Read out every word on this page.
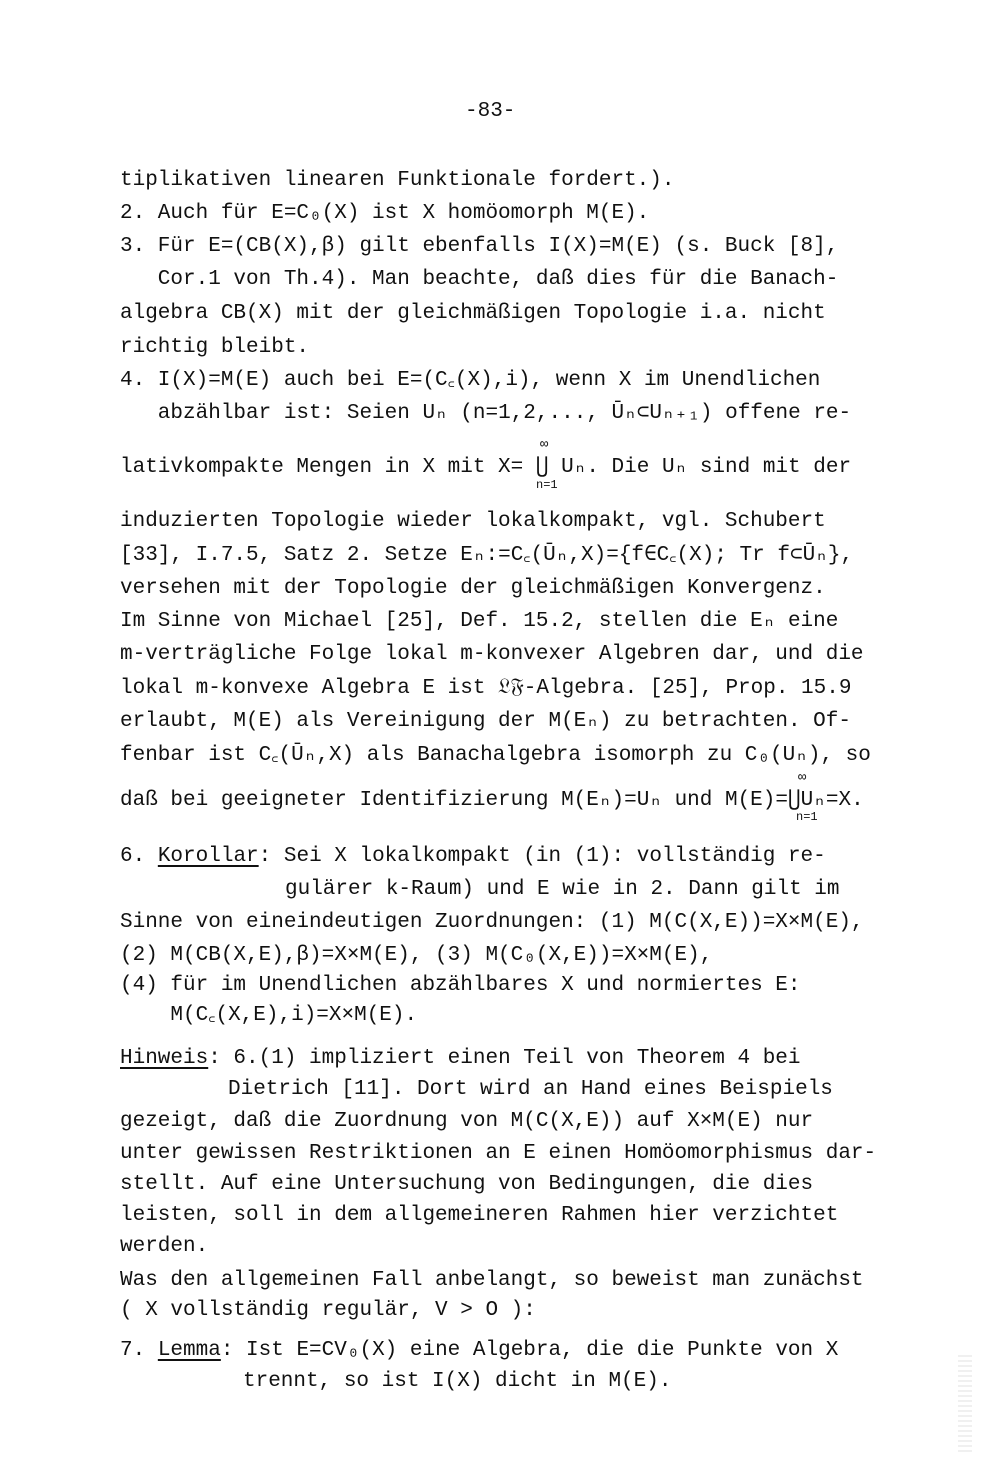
-83-
tiplikativen linearen Funktionale fordert.).
2. Auch für E=C₀(X) ist X homöomorph M(E).
3. Für E=(CB(X),β) gilt ebenfalls I(X)=M(E) (s. Buck [8],
Cor.1 von Th.4). Man beachte, daß dies für die Banach-
algebra CB(X) mit der gleichmäßigen Topologie i.a. nicht
richtig bleibt.
4. I(X)=M(E) auch bei E=(C꜀(X),i), wenn X im Unendlichen
abzählbar ist: Seien Uₙ (n=1,2,..., Ūₙ⊂Uₙ₊₁) offene re-
∞
lativkompakte Mengen in X mit X= ⋃ Uₙ. Die Uₙ sind mit der
n=1
induzierten Topologie wieder lokalkompakt, vgl. Schubert
[33], I.7.5, Satz 2. Setze Eₙ:=C꜀(Ūₙ,X)={f∈C꜀(X); Tr f⊂Ūₙ},
versehen mit der Topologie der gleichmäßigen Konvergenz.
Im Sinne von Michael [25], Def. 15.2, stellen die Eₙ eine
m-verträgliche Folge lokal m-konvexer Algebren dar, und die
lokal m-konvexe Algebra E ist 𝔏𝔉-Algebra. [25], Prop. 15.9
erlaubt, M(E) als Vereinigung der M(Eₙ) zu betrachten. Of-
fenbar ist C꜀(Ūₙ,X) als Banachalgebra isomorph zu C₀(Uₙ), so
∞
daß bei geeigneter Identifizierung M(Eₙ)=Uₙ und M(E)=⋃Uₙ=X.
n=1
6. Korollar: Sei X lokalkompakt (in (1): vollständig re-
gulärer k-Raum) und E wie in 2. Dann gilt im
Sinne von eineindeutigen Zuordnungen: (1) M(C(X,E))=X×M(E),
(2) M(CB(X,E),β)=X×M(E), (3) M(C₀(X,E))=X×M(E),
(4) für im Unendlichen abzählbares X und normiertes E:
M(C꜀(X,E),i)=X×M(E).
Hinweis: 6.(1) impliziert einen Teil von Theorem 4 bei
Dietrich [11]. Dort wird an Hand eines Beispiels
gezeigt, daß die Zuordnung von M(C(X,E)) auf X×M(E) nur
unter gewissen Restriktionen an E einen Homöomorphismus dar-
stellt. Auf eine Untersuchung von Bedingungen, die dies
leisten, soll in dem allgemeineren Rahmen hier verzichtet
werden.
Was den allgemeinen Fall anbelangt, so beweist man zunächst
( X vollständig regulär, V > O ):
7. Lemma: Ist E=CV₀(X) eine Algebra, die die Punkte von X
trennt, so ist I(X) dicht in M(E).
